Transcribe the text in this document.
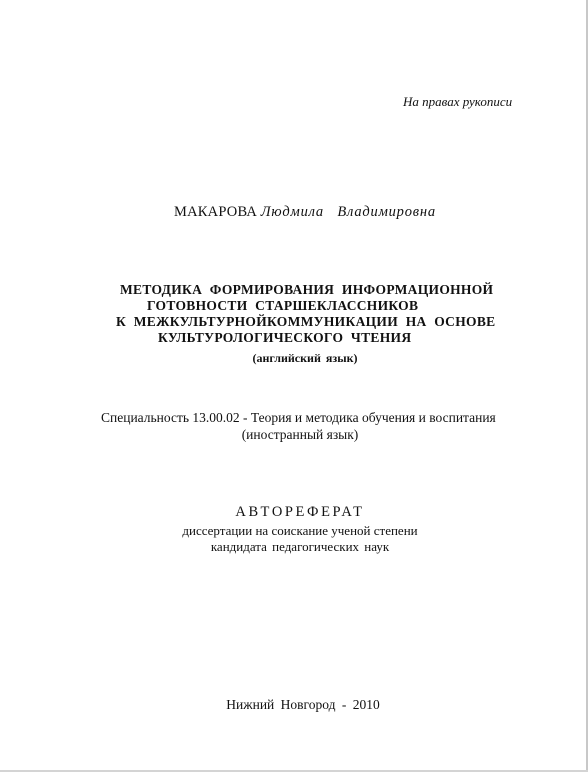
На правах рукописи
МАКАРОВА Людмила Владимировна
МЕТОДИКА ФОРМИРОВАНИЯ ИНФОРМАЦИОННОЙ
ГОТОВНОСТИ СТАРШЕКЛАССНИКОВ
К МЕЖКУЛЬТУРНОЙКОММУНИКАЦИИ НА ОСНОВЕ
КУЛЬТУРОЛОГИЧЕСКОГО ЧТЕНИЯ
(английский язык)
Специальность 13.00.02 - Теория и методика обучения и воспитания
(иностранный язык)
АВТОРЕФЕРАТ
диссертации на соискание ученой степени
кандидата педагогических наук
Нижний Новгород - 2010
